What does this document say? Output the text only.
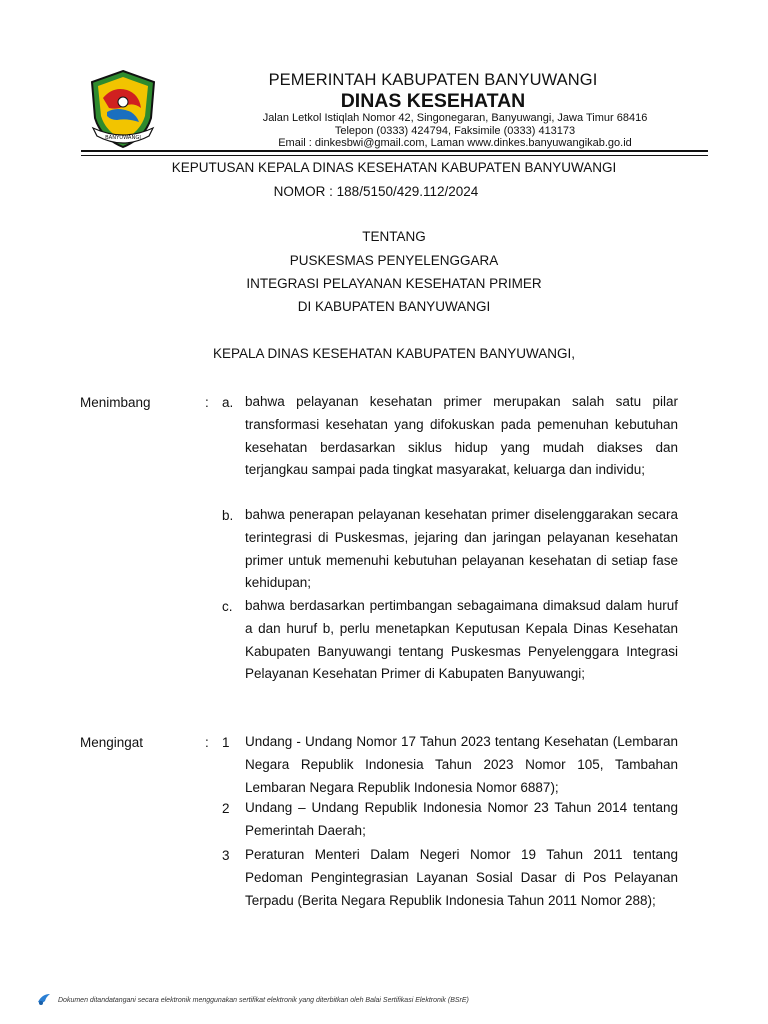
BANYUWANGI
PEMERINTAH KABUPATEN BANYUWANGI
DINAS KESEHATAN
Jalan Letkol Istiqlah Nomor 42, Singonegaran, Banyuwangi, Jawa Timur 68416
Telepon (0333) 424794, Faksimile (0333) 413173
Email : dinkesbwi@gmail.com, Laman www.dinkes.banyuwangikab.go.id
KEPUTUSAN KEPALA DINAS KESEHATAN KABUPATEN BANYUWANGI
NOMOR : 188/5150/429.112/2024
TENTANG
PUSKESMAS PENYELENGGARA
INTEGRASI PELAYANAN KESEHATAN PRIMER
DI KABUPATEN BANYUWANGI
KEPALA DINAS KESEHATAN KABUPATEN BANYUWANGI,
Menimbang	: a. bahwa pelayanan kesehatan primer merupakan salah satu pilar transformasi kesehatan yang difokuskan pada pemenuhan kebutuhan kesehatan berdasarkan siklus hidup yang mudah diakses dan terjangkau sampai pada tingkat masyarakat, keluarga dan individu;
b. bahwa penerapan pelayanan kesehatan primer diselenggarakan secara terintegrasi di Puskesmas, jejaring dan jaringan pelayanan kesehatan primer untuk memenuhi kebutuhan pelayanan kesehatan di setiap fase kehidupan;
c. bahwa berdasarkan pertimbangan sebagaimana dimaksud dalam huruf a dan huruf b, perlu menetapkan Keputusan Kepala Dinas Kesehatan Kabupaten Banyuwangi tentang Puskesmas Penyelenggara Integrasi Pelayanan Kesehatan Primer di Kabupaten Banyuwangi;
Mengingat	: 1 Undang - Undang Nomor 17 Tahun 2023 tentang Kesehatan (Lembaran Negara Republik Indonesia Tahun 2023 Nomor 105, Tambahan Lembaran Negara Republik Indonesia Nomor 6887);
2 Undang – Undang Republik Indonesia Nomor 23 Tahun 2014 tentang Pemerintah Daerah;
3 Peraturan Menteri Dalam Negeri Nomor 19 Tahun 2011 tentang Pedoman Pengintegrasian Layanan Sosial Dasar di Pos Pelayanan Terpadu (Berita Negara Republik Indonesia Tahun 2011 Nomor 288);
Dokumen ditandatangani secara elektronik menggunakan sertifikat elektronik yang diterbitkan oleh Balai Sertifikasi Elektronik (BSrE)
